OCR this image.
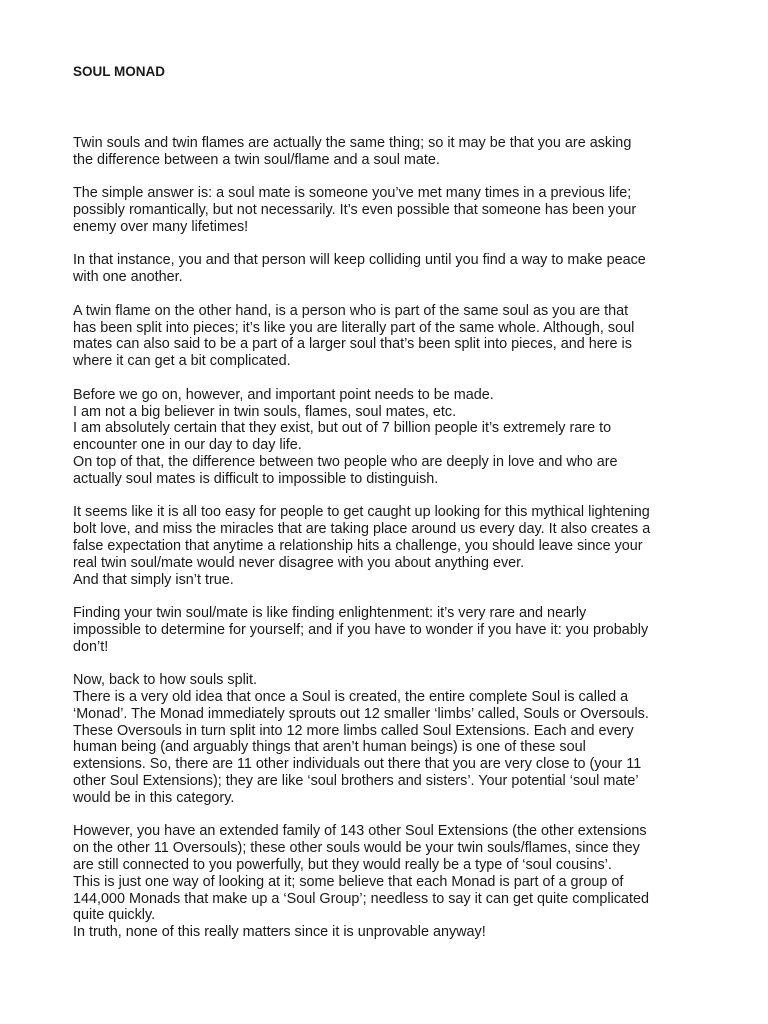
SOUL MONAD

Twin souls and twin flames are actually the same thing; so it may be that you are asking
the difference between a twin soul/flame and a soul mate.

The simple answer is: a soul mate is someone you’ve met many times in a previous life;
possibly romantically, but not necessarily. It’s even possible that someone has been your
enemy over many lifetimes!

In that instance, you and that person will keep colliding until you find a way to make peace
with one another.

A twin flame on the other hand, is a person who is part of the same soul as you are that
has been split into pieces; it’s like you are literally part of the same whole. Although, soul
mates can also said to be a part of a larger soul that’s been split into pieces, and here is
where it can get a bit complicated.

Before we go on, however, and important point needs to be made.
I am not a big believer in twin souls, flames, soul mates, etc.
I am absolutely certain that they exist, but out of 7 billion people it’s extremely rare to
encounter one in our day to day life.
On top of that, the difference between two people who are deeply in love and who are
actually soul mates is difficult to impossible to distinguish.

It seems like it is all too easy for people to get caught up looking for this mythical lightening
bolt love, and miss the miracles that are taking place around us every day. It also creates a
false expectation that anytime a relationship hits a challenge, you should leave since your
real twin soul/mate would never disagree with you about anything ever.
And that simply isn’t true.

Finding your twin soul/mate is like finding enlightenment: it’s very rare and nearly
impossible to determine for yourself; and if you have to wonder if you have it: you probably
don’t!

Now, back to how souls split.
There is a very old idea that once a Soul is created, the entire complete Soul is called a
‘Monad’. The Monad immediately sprouts out 12 smaller ‘limbs’ called, Souls or Oversouls.
These Oversouls in turn split into 12 more limbs called Soul Extensions. Each and every
human being (and arguably things that aren’t human beings) is one of these soul
extensions. So, there are 11 other individuals out there that you are very close to (your 11
other Soul Extensions); they are like ‘soul brothers and sisters’. Your potential ‘soul mate’
would be in this category.

However, you have an extended family of 143 other Soul Extensions (the other extensions
on the other 11 Oversouls); these other souls would be your twin souls/flames, since they
are still connected to you powerfully, but they would really be a type of ‘soul cousins’.
This is just one way of looking at it; some believe that each Monad is part of a group of
144,000 Monads that make up a ‘Soul Group’; needless to say it can get quite complicated
quite quickly.
In truth, none of this really matters since it is unprovable anyway!
